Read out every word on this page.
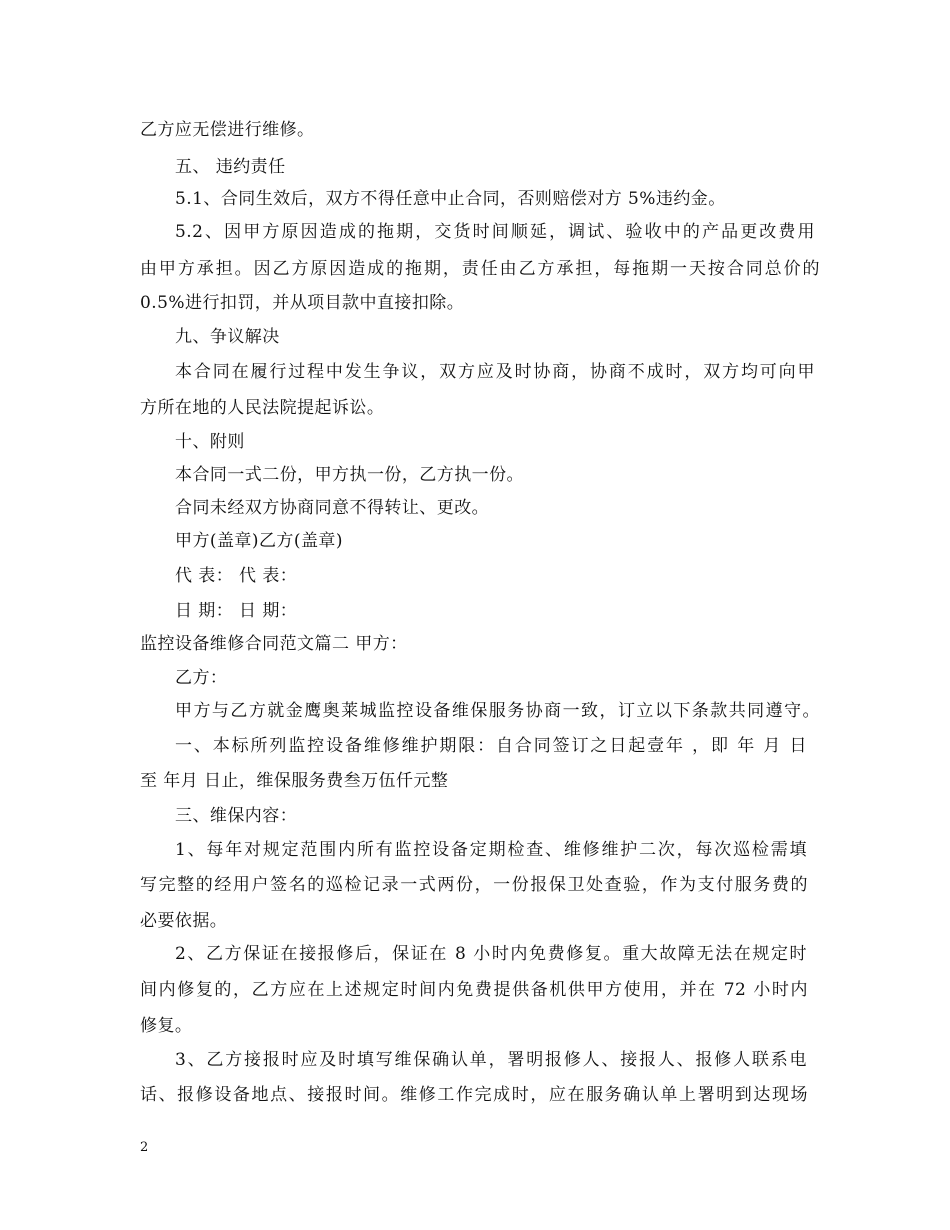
乙方应无偿进行维修。
五、 违约责任
5.1、合同生效后，双方不得任意中止合同，否则赔偿对方 5%违约金。
5.2、因甲方原因造成的拖期，交货时间顺延，调试、验收中的产品更改费用
由甲方承担。因乙方原因造成的拖期，责任由乙方承担，每拖期一天按合同总价的
0.5%进行扣罚，并从项目款中直接扣除。
九、争议解决
本合同在履行过程中发生争议，双方应及时协商，协商不成时，双方均可向甲
方所在地的人民法院提起诉讼。
十、附则
本合同一式二份，甲方执一份，乙方执一份。
合同未经双方协商同意不得转让、更改。
甲方(盖章)乙方(盖章)
代 表： 代 表：
日 期： 日 期：
监控设备维修合同范文篇二 甲方：
乙方：
甲方与乙方就金鹰奥莱城监控设备维保服务协商一致，订立以下条款共同遵守。
一、本标所列监控设备维修维护期限：自合同签订之日起壹年 ，即 年 月 日
至 年月 日止，维保服务费叁万伍仟元整
三、维保内容：
1、每年对规定范围内所有监控设备定期检查、维修维护二次，每次巡检需填
写完整的经用户签名的巡检记录一式两份，一份报保卫处查验，作为支付服务费的
必要依据。
2、乙方保证在接报修后，保证在 8 小时内免费修复。重大故障无法在规定时
间内修复的，乙方应在上述规定时间内免费提供备机供甲方使用，并在 72 小时内
修复。
3、乙方接报时应及时填写维保确认单，署明报修人、接报人、报修人联系电
话、报修设备地点、接报时间。维修工作完成时，应在服务确认单上署明到达现场
2
